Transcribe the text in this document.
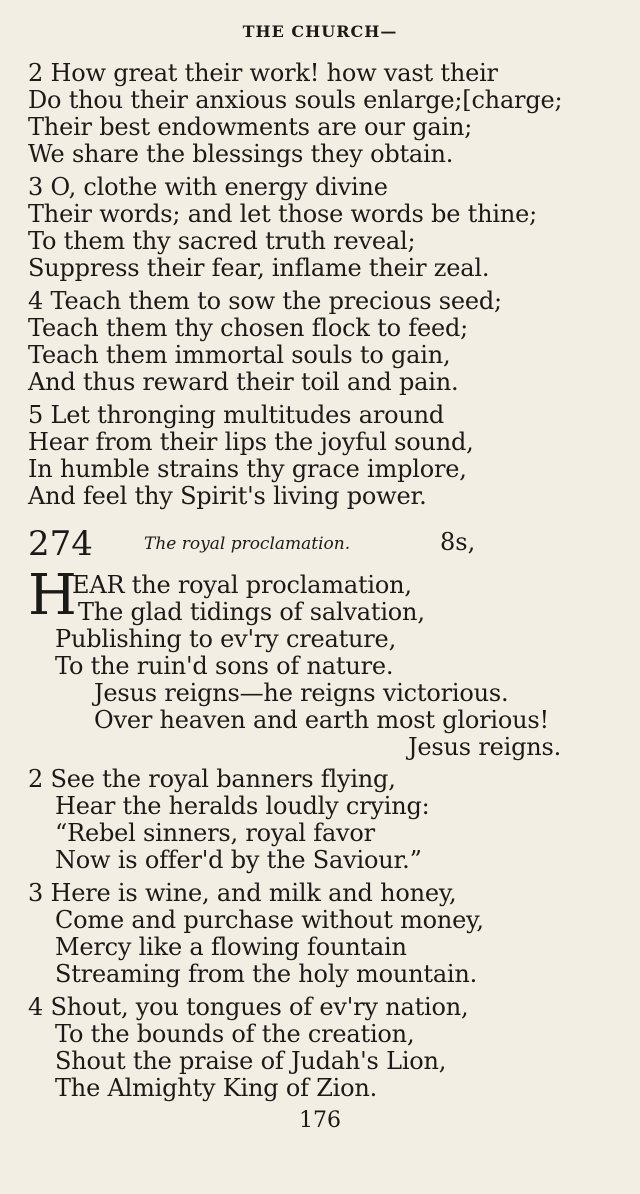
THE CHURCH—
2 How great their work! how vast their
Do thou their anxious souls enlarge;[charge;
Their best endowments are our gain;
We share the blessings they obtain.
3 O, clothe with energy divine
Their words; and let those words be thine;
To them thy sacred truth reveal;
Suppress their fear, inflame their zeal.
4 Teach them to sow the precious seed;
Teach them thy chosen flock to feed;
Teach them immortal souls to gain,
And thus reward their toil and pain.
5 Let thronging multitudes around
Hear from their lips the joyful sound,
In humble strains thy grace implore,
And feel thy Spirit's living power.
274	The royal proclamation.	8s,
H
EAR the royal proclamation,
The glad tidings of salvation,
Publishing to ev'ry creature,
To the ruin'd sons of nature.
Jesus reigns—he reigns victorious.
Over heaven and earth most glorious!
Jesus reigns.
2 See the royal banners flying,
Hear the heralds loudly crying:
“Rebel sinners, royal favor
Now is offer'd by the Saviour.”
3 Here is wine, and milk and honey,
Come and purchase without money,
Mercy like a flowing fountain
Streaming from the holy mountain.
4 Shout, you tongues of ev'ry nation,
To the bounds of the creation,
Shout the praise of Judah's Lion,
The Almighty King of Zion.
176
